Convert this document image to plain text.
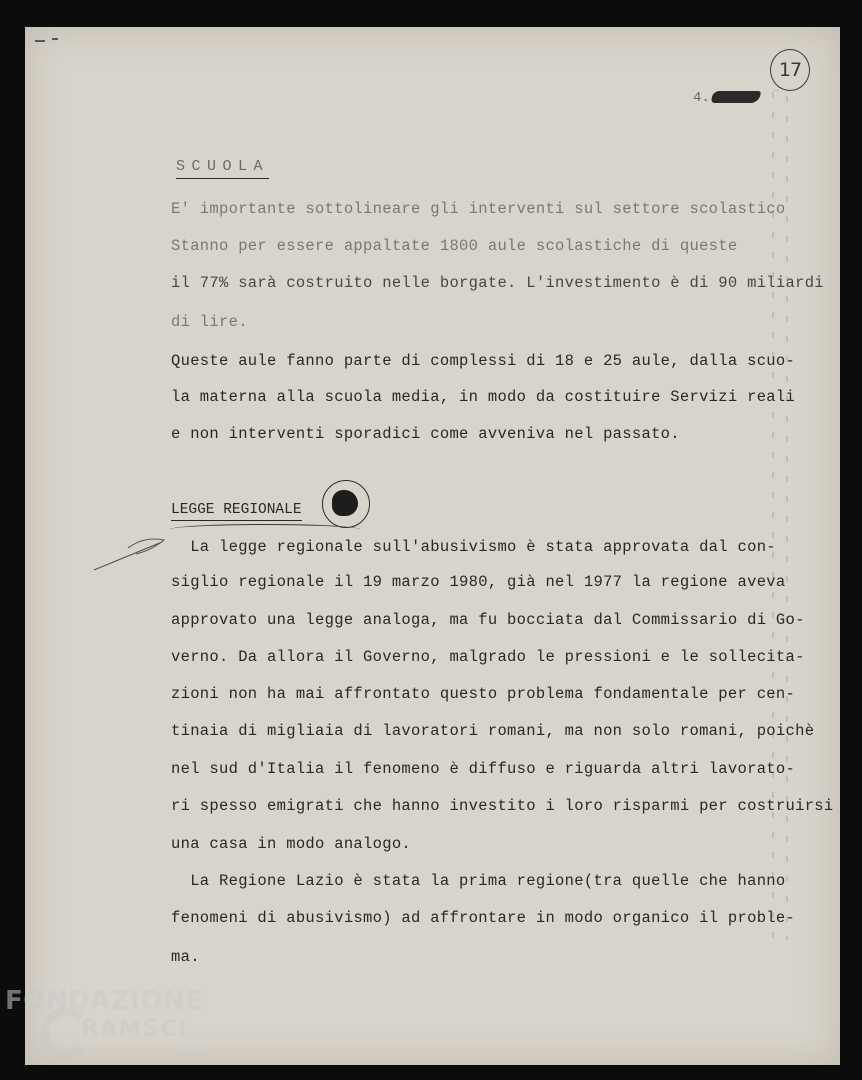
17
4.
SCUOLA
E' importante sottolineare gli interventi sul settore scolastico
Stanno per essere appaltate 1800 aule scolastiche di queste
il 77% sarà costruito nelle borgate. L'investimento è di 90 miliardi
di lire.
Queste aule fanno parte di complessi di 18 e 25 aule, dalla scuo-
la materna alla scuola media, in modo da costituire Servizi reali
e non interventi sporadici come avveniva nel passato.
LEGGE REGIONALE
La legge regionale sull'abusivismo è stata approvata dal con-
siglio regionale il 19 marzo 1980, già nel 1977 la regione aveva
approvato una legge analoga, ma fu bocciata dal Commissario di Go-
verno. Da allora il Governo, malgrado le pressioni e le sollecita-
zioni non ha mai affrontato questo problema fondamentale per cen-
tinaia di migliaia di lavoratori romani, ma non solo romani, poichè
nel sud d'Italia il fenomeno è diffuso e riguarda altri lavorato-
ri spesso emigrati che hanno investito i loro risparmi per costruirsi
una casa in modo analogo.
La Regione Lazio è stata la prima regione(tra quelle che hanno
fenomeni di abusivismo) ad affrontare in modo organico il proble-
ma.
FONDAZIONE
RAMSCI
onlus
